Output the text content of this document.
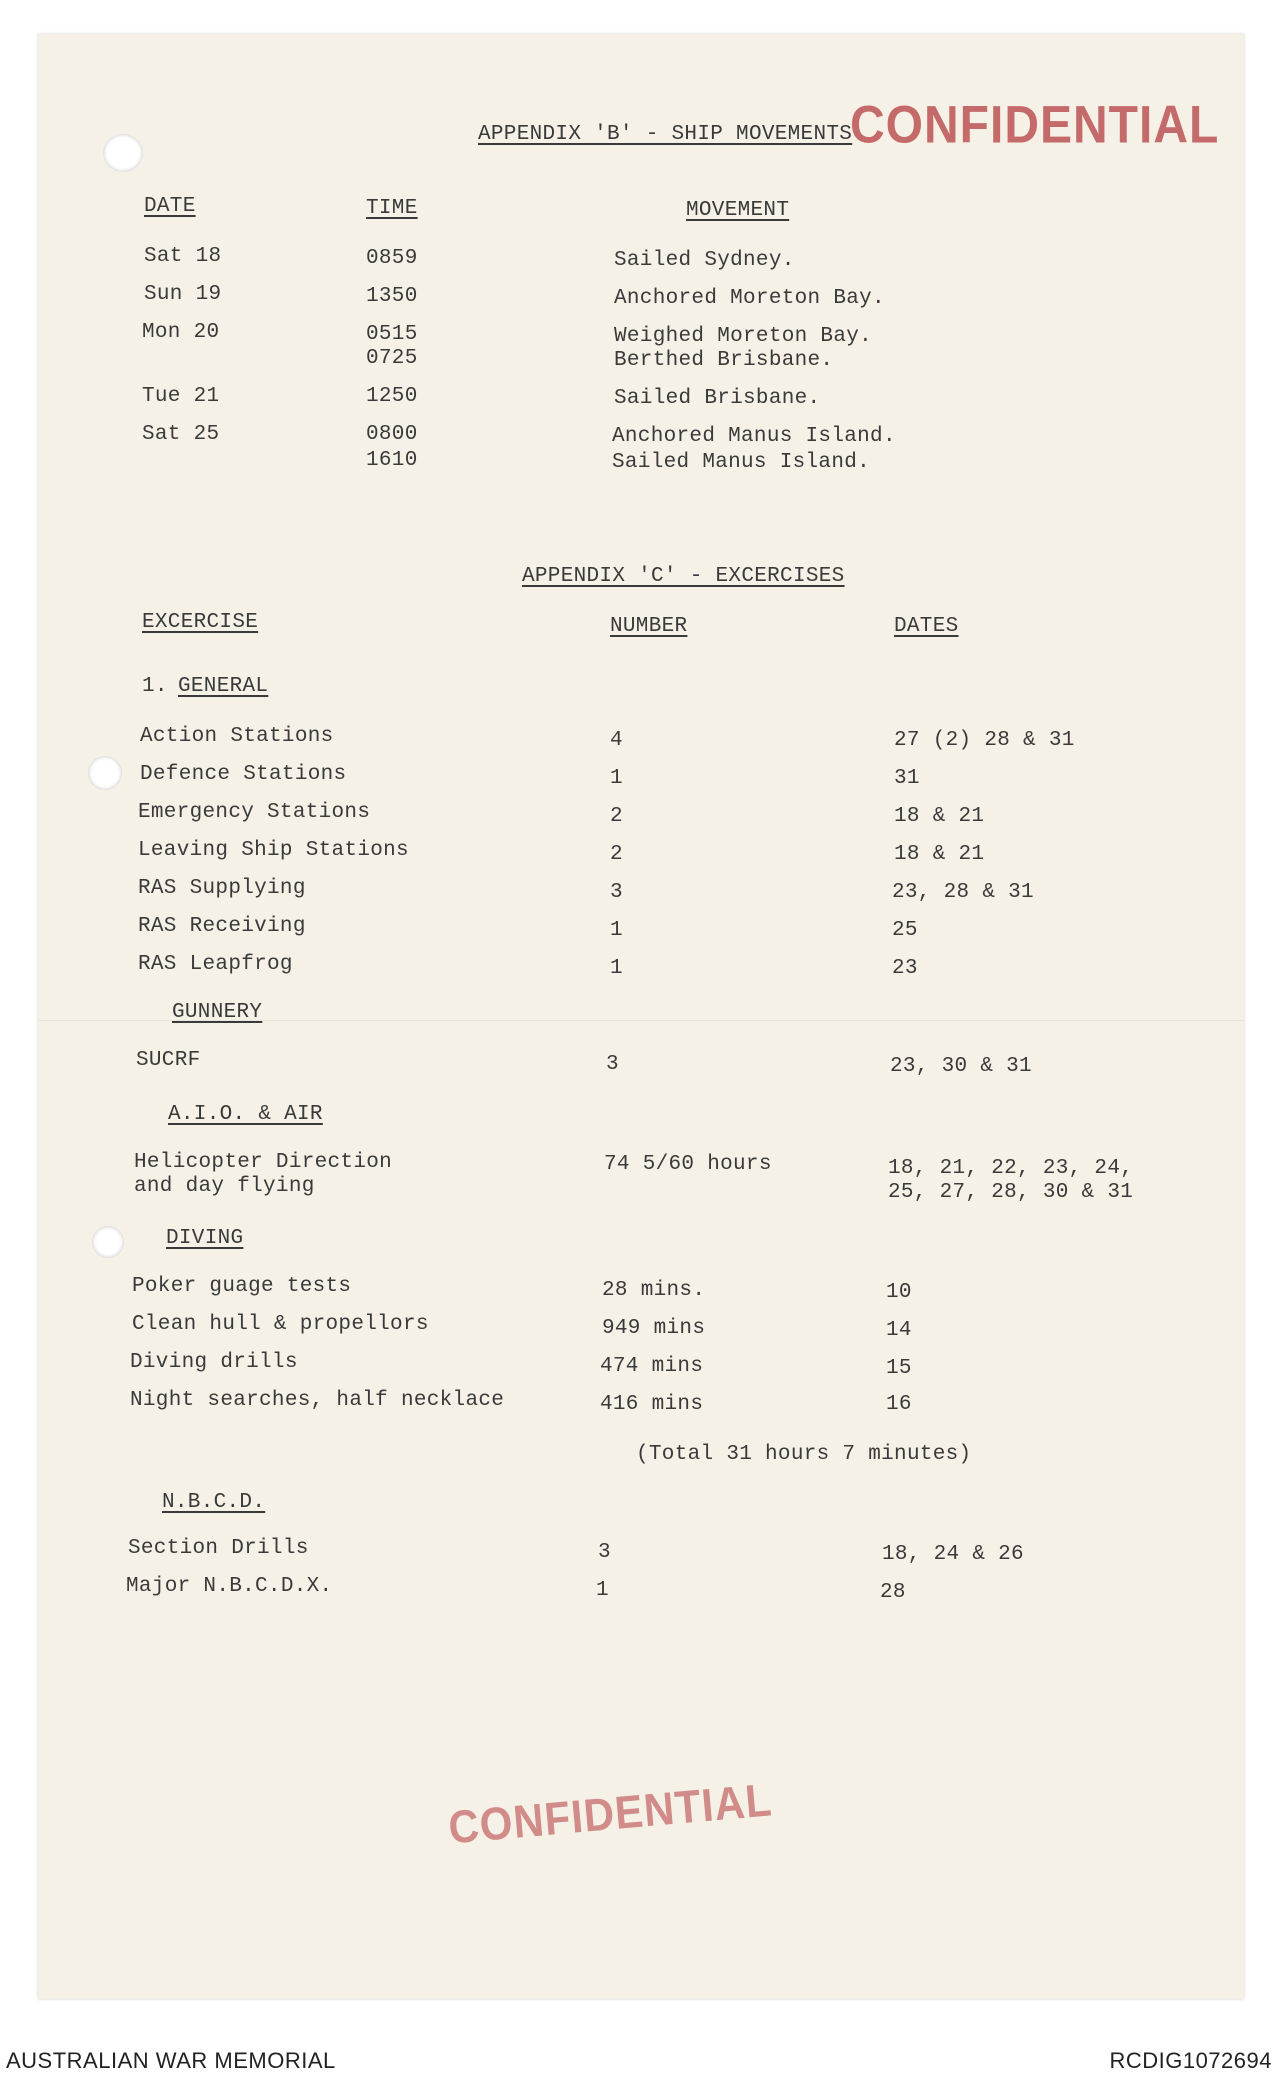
APPENDIX 'B' - SHIP MOVEMENTS
CONFIDENTIAL
DATE	TIME	MOVEMENT
Sat 18	0859	Sailed Sydney.
Sun 19	1350	Anchored Moreton Bay.
Mon 20	0515	Weighed Moreton Bay.
0725	Berthed Brisbane.
Tue 21	1250	Sailed Brisbane.
Sat 25	0800	Anchored Manus Island.
1610	Sailed Manus Island.
APPENDIX 'C' - EXCERCISES
EXCERCISE	NUMBER	DATES
1. GENERAL
Action Stations	4	27 (2) 28 & 31
Defence Stations	1	31
Emergency Stations	2	18 & 21
Leaving Ship Stations	2	18 & 21
RAS Supplying	3	23, 28 & 31
RAS Receiving	1	25
RAS Leapfrog	1	23
GUNNERY
SUCRF	3	23, 30 & 31
A.I.O. & AIR
Helicopter Direction
and day flying
74 5/60 hours	18, 21, 22, 23, 24,
25, 27, 28, 30 & 31
DIVING
Poker guage tests	28 mins.	10
Clean hull & propellors	949 mins	14
Diving drills	474 mins	15
Night searches, half necklace	416 mins	16
(Total 31 hours 7 minutes)
N.B.C.D.
Section Drills	3	18, 24 & 26
Major N.B.C.D.X.	1	28
CONFIDENTIAL
AUSTRALIAN WAR MEMORIAL	RCDIG1072694
